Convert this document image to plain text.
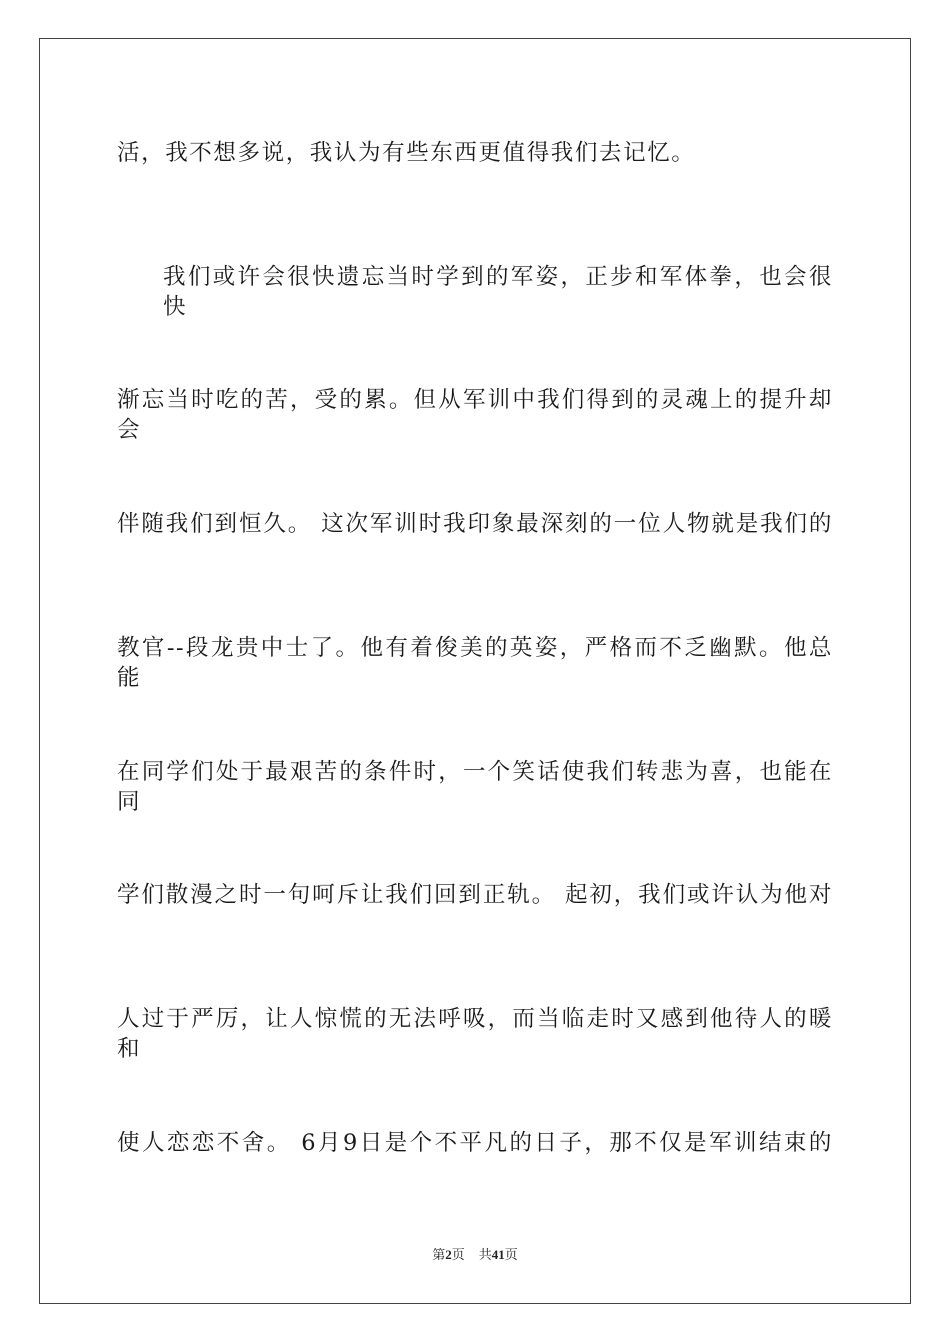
活，我不想多说，我认为有些东西更值得我们去记忆。
我们或许会很快遗忘当时学到的军姿，正步和军体拳，也会很快
渐忘当时吃的苦，受的累。但从军训中我们得到的灵魂上的提升却会
伴随我们到恒久。 这次军训时我印象最深刻的一位人物就是我们的
教官--段龙贵中士了。他有着俊美的英姿，严格而不乏幽默。他总能
在同学们处于最艰苦的条件时，一个笑话使我们转悲为喜，也能在同
学们散漫之时一句呵斥让我们回到正轨。 起初，我们或许认为他对
人过于严厉，让人惊慌的无法呼吸，而当临走时又感到他待人的暖和
使人恋恋不舍。 6月9日是个不平凡的日子，那不仅是军训结束的
第2页 共41页
